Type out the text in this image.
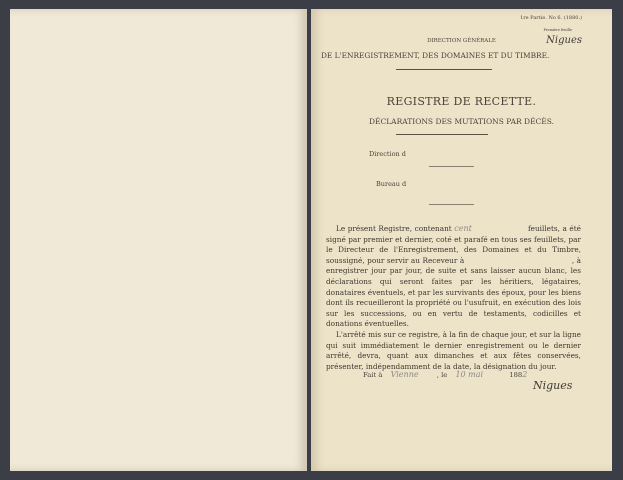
1re Partie. No 6. (1880.)
Première feuille
Nigues
DIRECTION GÉNÉRALE
DE L'ENREGISTREMENT, DES DOMAINES ET DU TIMBRE.
REGISTRE DE RECETTE.
DÉCLARATIONS DES MUTATIONS PAR DÉCÈS.
Direction d
Bureau d

Le présent Registre, contenant cent	feuillets, a été signé par premier et dernier, coté et parafé en tous ses feuillets, par le Directeur de l'Enregistrement, des Domaines et du Timbre, soussigné, pour servir au Receveur à	, à enregistrer jour par jour, de suite et sans laisser aucun blanc, les déclarations qui seront faites par les héritiers, légataires, donataires éventuels, et par les survivants des époux, pour les biens dont ils recueilleront la propriété ou l'usufruit, en exécution des lois sur les successions, ou en vertu de testaments, codicilles et donations éventuelles.

L'arrêté mis sur ce registre, à la fin de chaque jour, et sur la ligne qui suit immédiatement le dernier enregistrement ou le dernier arrêté, devra, quant aux dimanches et aux fêtes conservées, présenter, indépendamment de la date, la désignation du jour.

Fait à Vienne	, le 10 mai	1882
Nigues
